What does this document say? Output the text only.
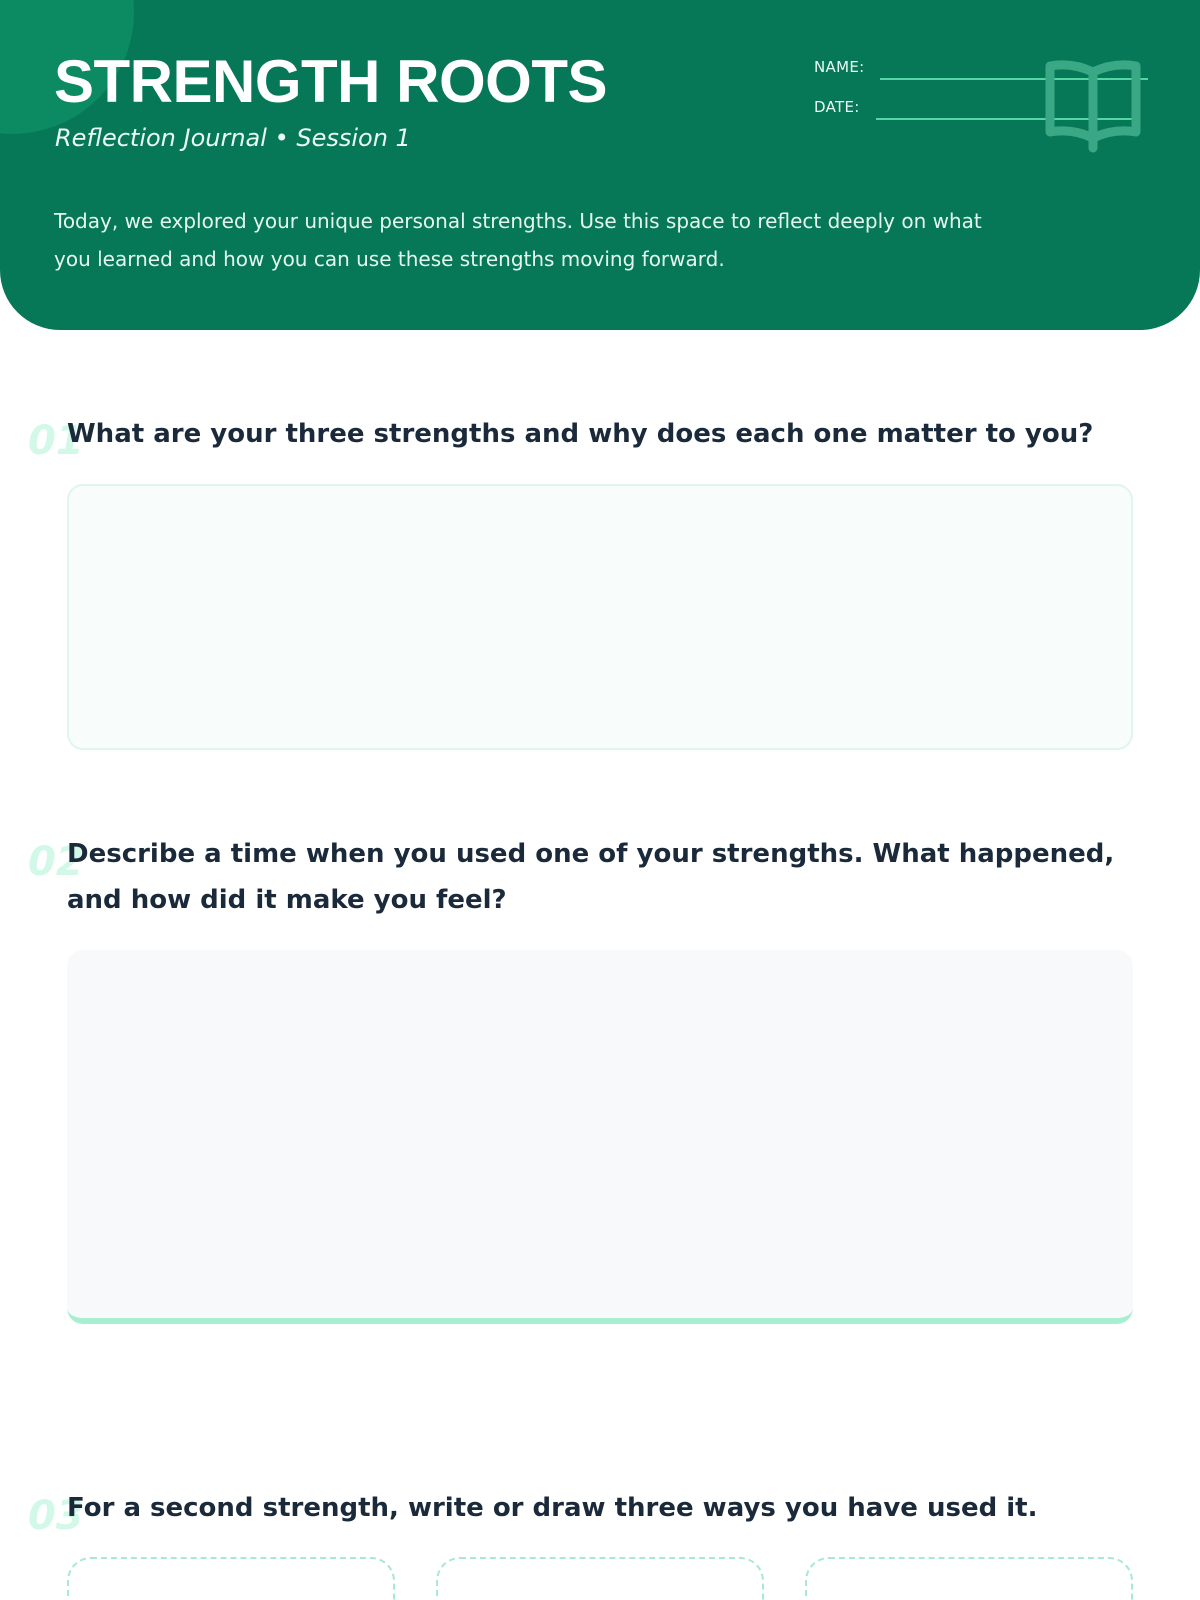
STRENGTH ROOTS
Reflection Journal • Session 1

Today, we explored your unique personal strengths. Use this space to reflect deeply on what you learned and how you can use these strengths moving forward.

NAME:
DATE:
01
What are your three strengths and why does each one matter to you?
02
Describe a time when you used one of your strengths. What happened, and how did it make you feel?
03
For a second strength, write or draw three ways you have used it.
